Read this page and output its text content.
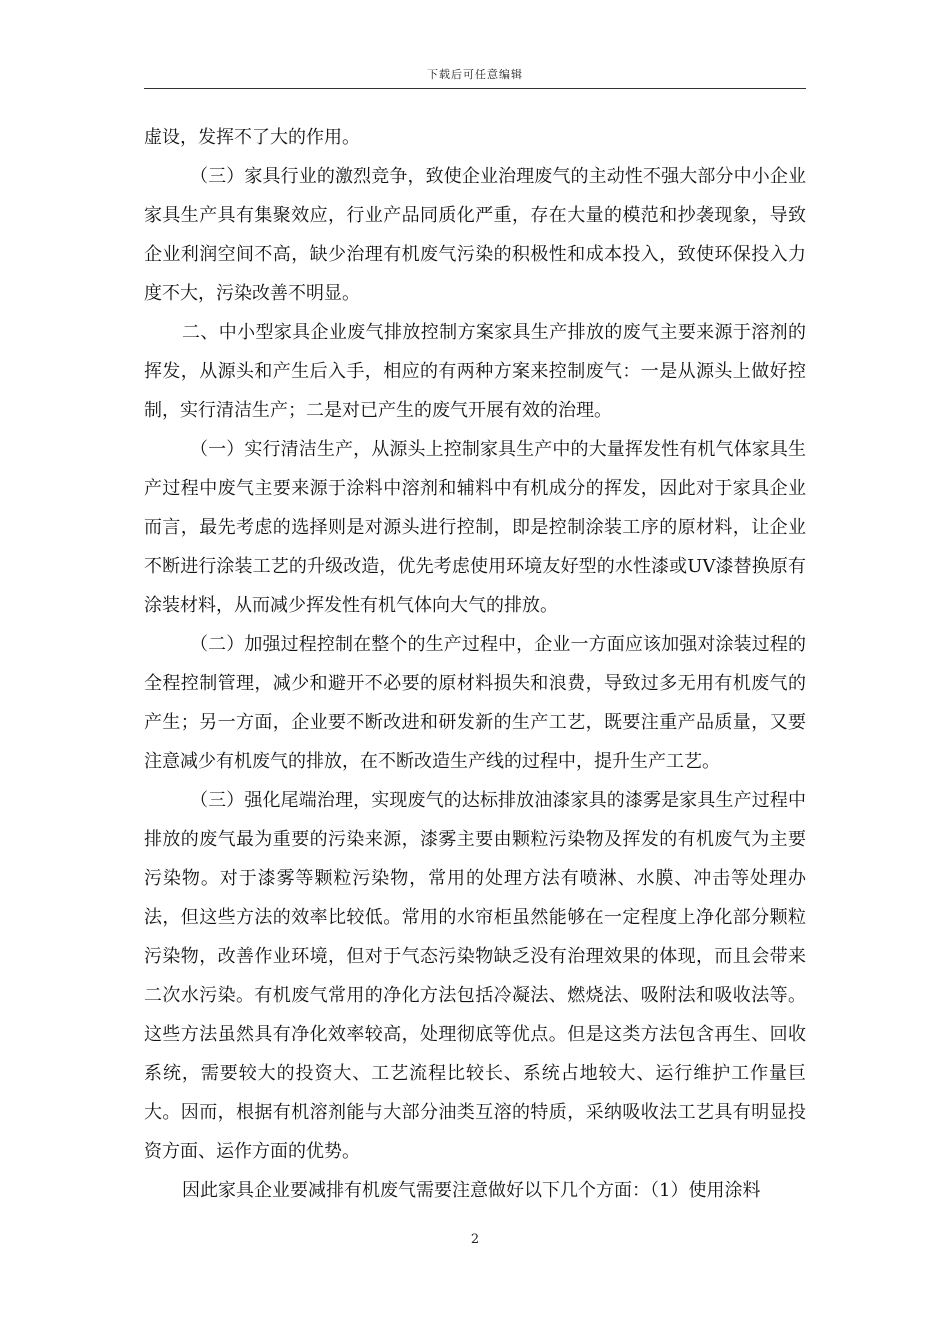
下载后可任意编辑

虚设，发挥不了大的作用。

（三）家具行业的激烈竞争，致使企业治理废气的主动性不强大部分中小企业家具生产具有集聚效应，行业产品同质化严重，存在大量的模范和抄袭现象，导致企业利润空间不高，缺少治理有机废气污染的积极性和成本投入，致使环保投入力度不大，污染改善不明显。

二、中小型家具企业废气排放控制方案家具生产排放的废气主要来源于溶剂的挥发，从源头和产生后入手，相应的有两种方案来控制废气：一是从源头上做好控制，实行清洁生产；二是对已产生的废气开展有效的治理。

（一）实行清洁生产，从源头上控制家具生产中的大量挥发性有机气体家具生产过程中废气主要来源于涂料中溶剂和辅料中有机成分的挥发，因此对于家具企业而言，最先考虑的选择则是对源头进行控制，即是控制涂装工序的原材料，让企业不断进行涂装工艺的升级改造，优先考虑使用环境友好型的水性漆或UV漆替换原有涂装材料，从而减少挥发性有机气体向大气的排放。

（二）加强过程控制在整个的生产过程中，企业一方面应该加强对涂装过程的全程控制管理，减少和避开不必要的原材料损失和浪费，导致过多无用有机废气的产生；另一方面，企业要不断改进和研发新的生产工艺，既要注重产品质量，又要注意减少有机废气的排放，在不断改造生产线的过程中，提升生产工艺。

（三）强化尾端治理，实现废气的达标排放油漆家具的漆雾是家具生产过程中排放的废气最为重要的污染来源，漆雾主要由颗粒污染物及挥发的有机废气为主要污染物。对于漆雾等颗粒污染物，常用的处理方法有喷淋、水膜、冲击等处理办法，但这些方法的效率比较低。常用的水帘柜虽然能够在一定程度上净化部分颗粒污染物，改善作业环境，但对于气态污染物缺乏没有治理效果的体现，而且会带来二次水污染。有机废气常用的净化方法包括冷凝法、燃烧法、吸附法和吸收法等。这些方法虽然具有净化效率较高，处理彻底等优点。但是这类方法包含再生、回收系统，需要较大的投资大、工艺流程比较长、系统占地较大、运行维护工作量巨大。因而，根据有机溶剂能与大部分油类互溶的特质，采纳吸收法工艺具有明显投资方面、运作方面的优势。

因此家具企业要减排有机废气需要注意做好以下几个方面：（1）使用涂料

2
